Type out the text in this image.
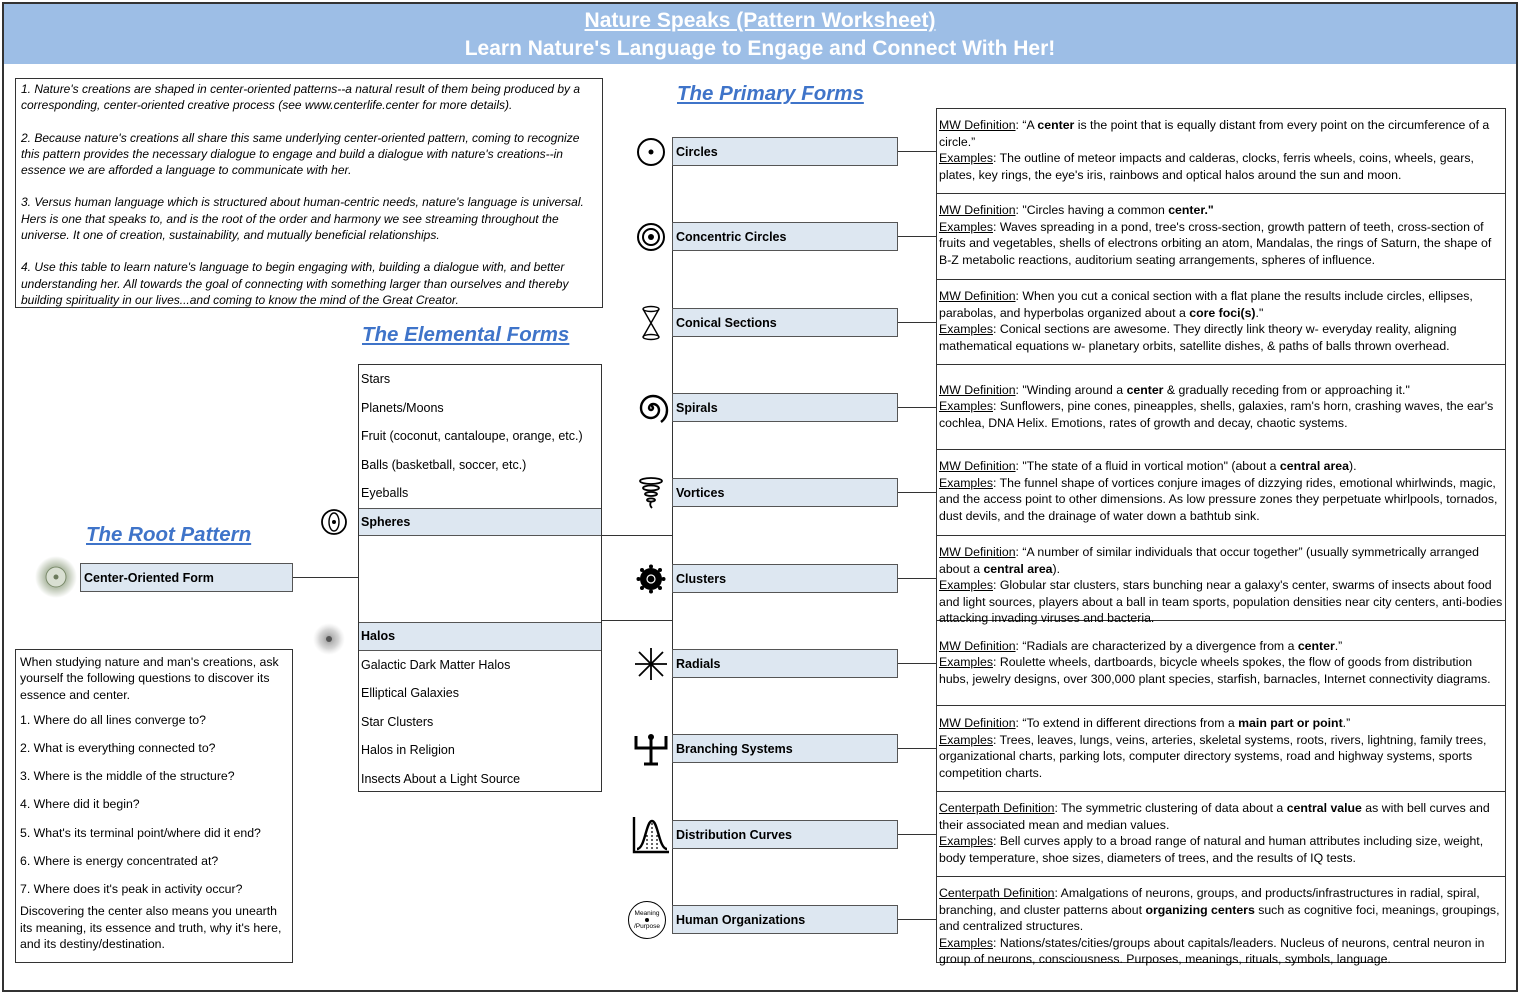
Nature Speaks (Pattern Worksheet)
Learn Nature's Language to Engage and Connect With Her!

1. Nature's creations are shaped in center-oriented patterns--a natural result of them being produced by a corresponding, center-oriented creative process (see www.centerlife.center for more details).

2. Because nature's creations all share this same underlying center-oriented pattern, coming to recognize this pattern provides the necessary dialogue to engage and build a dialogue with nature's creations--in essence we are afforded a language to communicate with her.

3. Versus human language which is structured about human-centric needs, nature's language is universal. Hers is one that speaks to, and is the root of the order and harmony we see streaming throughout the universe. It one of creation, sustainability, and mutually beneficial relationships.

4. Use this table to learn nature's language to begin engaging with, building a dialogue with, and better understanding her. All towards the goal of connecting with something larger than ourselves and thereby building spirituality in our lives...and coming to know the mind of the Great Creator.

The Primary Forms
The Elemental Forms
The Root Pattern
Center-Oriented Form
Stars
Planets/Moons
Fruit (coconut, cantaloupe, orange, etc.)
Balls (basketball, soccer, etc.)
Eyeballs
Spheres
Halos
Galactic Dark Matter Halos
Elliptical Galaxies
Star Clusters
Halos in Religion
Insects About a Light Source

When studying nature and man's creations, ask yourself the following questions to discover its essence and center.

1. Where do all lines converge to?

2. What is everything connected to?

3. Where is the middle of the structure?

4. Where did it begin?

5. What's its terminal point/where did it end?

6. Where is energy concentrated at?

7. Where does it's peak in activity occur?

Discovering the center also means you unearth its meaning, its essence and truth, why it's here, and its destiny/destination.

Circles
Concentric Circles
Conical Sections
Spirals
Vortices
Clusters
Radials
Branching Systems
Distribution Curves
Meaning
/Purpose	Human Organizations
MW Definition: “A center is the point that is equally distant from every point on the circumference of a circle.”
Examples: The outline of meteor impacts and calderas, clocks, ferris wheels, coins, wheels, gears, plates, key rings, the eye's iris, rainbows and optical halos around the sun and moon.
MW Definition: "Circles having a common center."
Examples: Waves spreading in a pond, tree's cross-section, growth pattern of teeth, cross-section of fruits and vegetables, shells of electrons orbiting an atom, Mandalas, the rings of Saturn, the shape of B-Z metabolic reactions, auditorium seating arrangements, spheres of influence.
MW Definition: When you cut a conical section with a flat plane the results include circles, ellipses, parabolas, and hyperbolas organized about a core foci(s)."
Examples: Conical sections are awesome. They directly link theory w- everyday reality, aligning mathematical equations w- planetary orbits, satellite dishes, & paths of balls thrown overhead.
MW Definition: "Winding around a center & gradually receding from or approaching it."
Examples: Sunflowers, pine cones, pineapples, shells, galaxies, ram's horn, crashing waves, the ear's cochlea, DNA Helix. Emotions, rates of growth and decay, chaotic systems.
MW Definition: "The state of a fluid in vortical motion" (about a central area).
Examples: The funnel shape of vortices conjure images of dizzying rides, emotional whirlwinds, magic, and the access point to other dimensions. As low pressure zones they perpetuate whirlpools, tornados, dust devils, and the drainage of water down a bathtub sink.
MW Definition: “A number of similar individuals that occur together” (usually symmetrically arranged about a central area).
Examples: Globular star clusters, stars bunching near a galaxy's center, swarms of insects about food and light sources, players about a ball in team sports, population densities near city centers, anti-bodies attacking invading viruses and bacteria.
MW Definition: “Radials are characterized by a divergence from a center.”
Examples: Roulette wheels, dartboards, bicycle wheels spokes, the flow of goods from distribution hubs, jewelry designs, over 300,000 plant species, starfish, barnacles, Internet connectivity diagrams.
MW Definition: “To extend in different directions from a main part or point.”
Examples: Trees, leaves, lungs, veins, arteries, skeletal systems, roots, rivers, lightning, family trees, organizational charts, parking lots, computer directory systems, road and highway systems, sports competition charts.
Centerpath Definition: The symmetric clustering of data about a central value as with bell curves and their associated mean and median values.
Examples: Bell curves apply to a broad range of natural and human attributes including size, weight, body temperature, shoe sizes, diameters of trees, and the results of IQ tests.
Centerpath Definition: Amalgations of neurons, groups, and products/infrastructures in radial, spiral, branching, and cluster patterns about organizing centers such as cognitive foci, meanings, groupings, and centralized structures.
Examples: Nations/states/cities/groups about capitals/leaders. Nucleus of neurons, central neuron in group of neurons, consciousness. Purposes, meanings, rituals, symbols, language.
